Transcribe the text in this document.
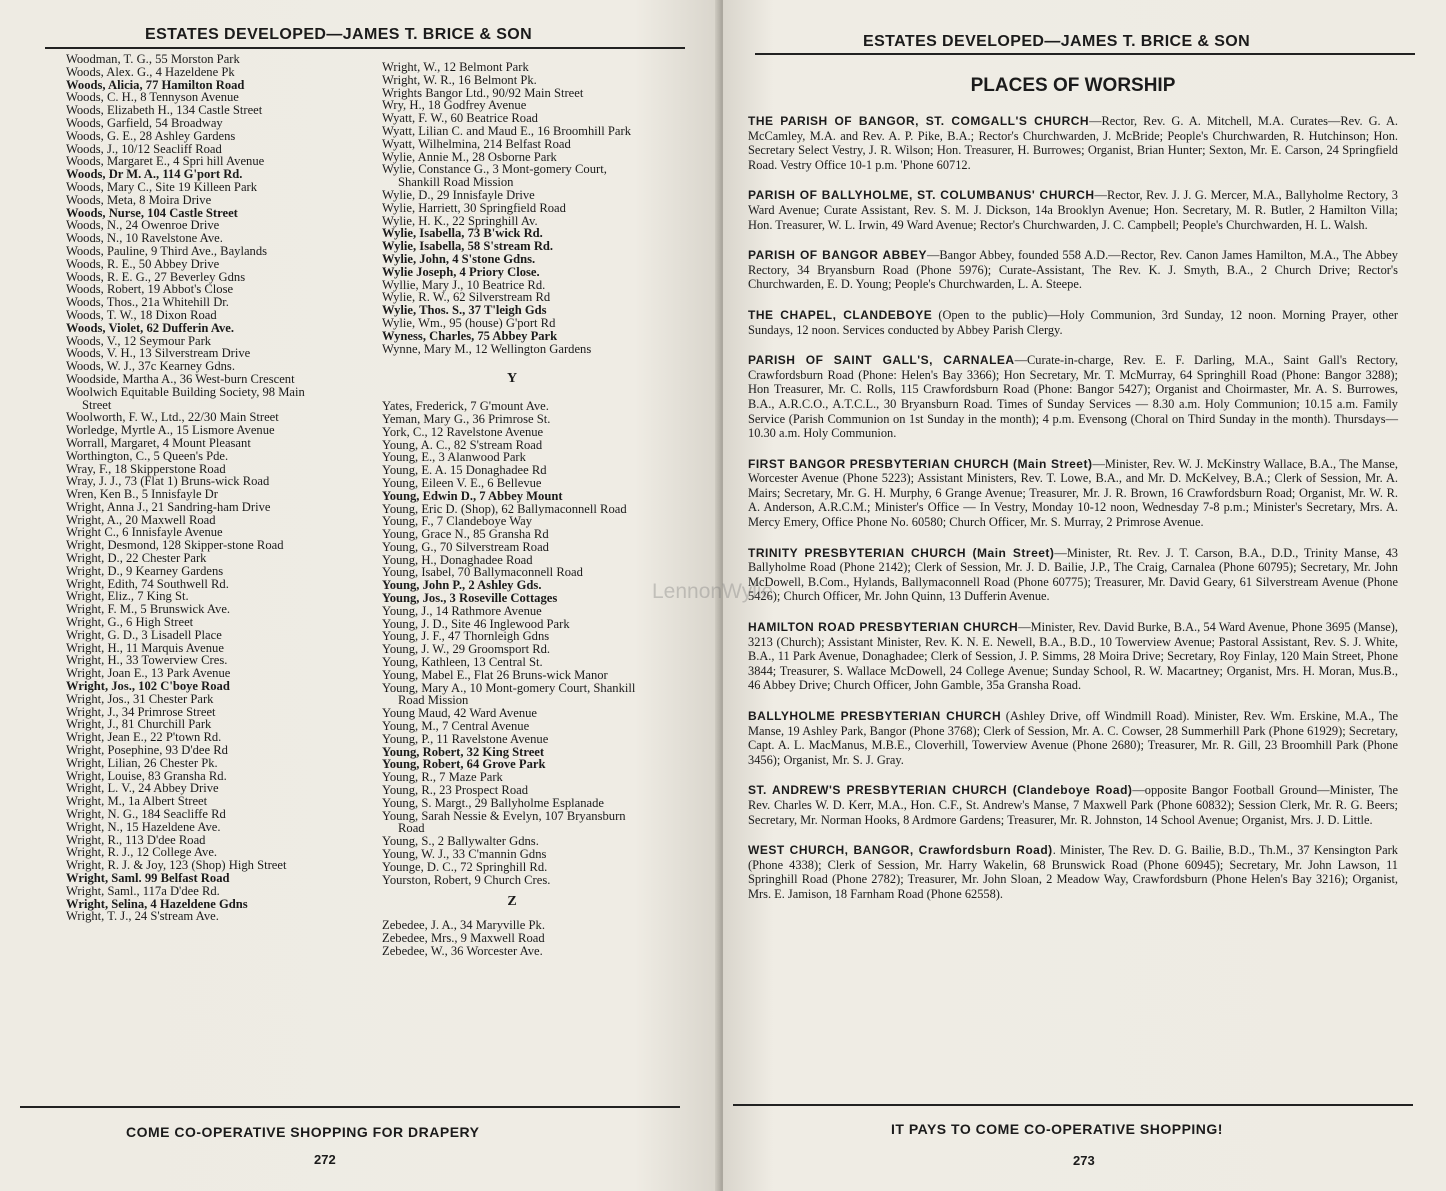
ESTATES DEVELOPED—JAMES T. BRICE & SON
Woodman, T. G., 55 Morston Park
Woods, Alex. G., 4 Hazeldene Pk
Woods, Alicia, 77 Hamilton Road
Woods, C. H., 8 Tennyson Avenue
Woods, Elizabeth H., 134 Castle Street
Woods, Garfield, 54 Broadway
Woods, G. E., 28 Ashley Gardens
Woods, J., 10/12 Seacliff Road
Woods, Margaret E., 4 Spri hill Avenue
Woods, Dr M. A., 114 G'port Rd.
Woods, Mary C., Site 19 Killeen Park
Woods, Meta, 8 Moira Drive
Woods, Nurse, 104 Castle Street
Woods, N., 24 Owenroe Drive
Woods, N., 10 Ravelstone Ave.
Woods, Pauline, 9 Third Ave., Baylands
Woods, R. E., 50 Abbey Drive
Woods, R. E. G., 27 Beverley Gdns
Woods, Robert, 19 Abbot's Close
Woods, Thos., 21a Whitehill Dr.
Woods, T. W., 18 Dixon Road
Woods, Violet, 62 Dufferin Ave.
Woods, V., 12 Seymour Park
Woods, V. H., 13 Silverstream Drive
Woods, W. J., 37c Kearney Gdns.
Woodside, Martha A., 36 West-burn Crescent
Woolwich Equitable Building Society, 98 Main Street
Woolworth, F. W., Ltd., 22/30 Main Street
Worledge, Myrtle A., 15 Lismore Avenue
Worrall, Margaret, 4 Mount Pleasant
Worthington, C., 5 Queen's Pde.
Wray, F., 18 Skipperstone Road
Wray, J. J., 73 (Flat 1) Bruns-wick Road
Wren, Ken B., 5 Innisfayle Dr
Wright, Anna J., 21 Sandring-ham Drive
Wright, A., 20 Maxwell Road
Wright C., 6 Innisfayle Avenue
Wright, Desmond, 128 Skipper-stone Road
Wright, D., 22 Chester Park
Wright, D., 9 Kearney Gardens
Wright, Edith, 74 Southwell Rd.
Wright, Eliz., 7 King St.
Wright, F. M., 5 Brunswick Ave.
Wright, G., 6 High Street
Wright, G. D., 3 Lisadell Place
Wright, H., 11 Marquis Avenue
Wright, H., 33 Towerview Cres.
Wright, Joan E., 13 Park Avenue
Wright, Jos., 102 C'boye Road
Wright, Jos., 31 Chester Park
Wright, J., 34 Primrose Street
Wright, J., 81 Churchill Park
Wright, Jean E., 22 P'town Rd.
Wright, Posephine, 93 D'dee Rd
Wright, Lilian, 26 Chester Pk.
Wright, Louise, 83 Gransha Rd.
Wright, L. V., 24 Abbey Drive
Wright, M., 1a Albert Street
Wright, N. G., 184 Seacliffe Rd
Wright, N., 15 Hazeldene Ave.
Wright, R., 113 D'dee Road
Wright, R. J., 12 College Ave.
Wright, R. J. & Joy, 123 (Shop) High Street
Wright, Saml. 99 Belfast Road
Wright, Saml., 117a D'dee Rd.
Wright, Selina, 4 Hazeldene Gdns
Wright, T. J., 24 S'stream Ave.
Wright, W., 12 Belmont Park
Wright, W. R., 16 Belmont Pk.
Wrights Bangor Ltd., 90/92 Main Street
Wry, H., 18 Godfrey Avenue
Wyatt, F. W., 60 Beatrice Road
Wyatt, Lilian C. and Maud E., 16 Broomhill Park
Wyatt, Wilhelmina, 214 Belfast Road
Wylie, Annie M., 28 Osborne Park
Wylie, Constance G., 3 Mont-gomery Court, Shankill Road Mission
Wylie, D., 29 Innisfayle Drive
Wylie, Harriett, 30 Springfield Road
Wylie, H. K., 22 Springhill Av.
Wylie, Isabella, 73 B'wick Rd.
Wylie, Isabella, 58 S'stream Rd.
Wylie, John, 4 S'stone Gdns.
Wylie Joseph, 4 Priory Close.
Wyllie, Mary J., 10 Beatrice Rd.
Wylie, R. W., 62 Silverstream Rd
Wylie, Thos. S., 37 T'leigh Gds
Wylie, Wm., 95 (house) G'port Rd
Wyness, Charles, 75 Abbey Park
Wynne, Mary M., 12 Wellington Gardens
Y
Yates, Frederick, 7 G'mount Ave.
Yeman, Mary G., 36 Primrose St.
York, C., 12 Ravelstone Avenue
Young, A. C., 82 S'stream Road
Young, E., 3 Alanwood Park
Young, E. A. 15 Donaghadee Rd
Young, Eileen V. E., 6 Bellevue
Young, Edwin D., 7 Abbey Mount
Young, Eric D. (Shop), 62 Ballymaconnell Road
Young, F., 7 Clandeboye Way
Young, Grace N., 85 Gransha Rd
Young, G., 70 Silverstream Road
Young, H., Donaghadee Road
Young, Isabel, 70 Ballymaconnell Road
Young, John P., 2 Ashley Gds.
Young, Jos., 3 Roseville Cottages
Young, J., 14 Rathmore Avenue
Young, J. D., Site 46 Inglewood Park
Young, J. F., 47 Thornleigh Gdns
Young, J. W., 29 Groomsport Rd.
Young, Kathleen, 13 Central St.
Young, Mabel E., Flat 26 Bruns-wick Manor
Young, Mary A., 10 Mont-gomery Court, Shankill Road Mission
Young Maud, 42 Ward Avenue
Young, M., 7 Central Avenue
Young, P., 11 Ravelstone Avenue
Young, Robert, 32 King Street
Young, Robert, 64 Grove Park
Young, R., 7 Maze Park
Young, R., 23 Prospect Road
Young, S. Margt., 29 Ballyholme Esplanade
Young, Sarah Nessie & Evelyn, 107 Bryansburn Road
Young, S., 2 Ballywalter Gdns.
Young, W. J., 33 C'mannin Gdns
Younge, D. C., 72 Springhill Rd.
Yourston, Robert, 9 Church Cres.
Z
Zebedee, J. A., 34 Maryville Pk.
Zebedee, Mrs., 9 Maxwell Road
Zebedee, W., 36 Worcester Ave.
COME CO-OPERATIVE SHOPPING FOR DRAPERY
272
ESTATES DEVELOPED—JAMES T. BRICE & SON
IT PAYS TO COME CO-OPERATIVE SHOPPING!
273
PLACES OF WORSHIP
THE PARISH OF BANGOR, ST. COMGALL'S CHURCH—Rector, Rev. G. A. Mitchell, M.A. Curates—Rev. G. A. McCamley, M.A. and Rev. A. P. Pike, B.A.; Rector's Churchwarden, J. McBride; People's Churchwarden, R. Hutchinson; Hon. Secretary Select Vestry, J. R. Wilson; Hon. Treasurer, H. Burrowes; Organist, Brian Hunter; Sexton, Mr. E. Carson, 24 Springfield Road. Vestry Office 10-1 p.m. 'Phone 60712.
PARISH OF BALLYHOLME, ST. COLUMBANUS' CHURCH—Rector, Rev. J. J. G. Mercer, M.A., Ballyholme Rectory, 3 Ward Avenue; Curate Assistant, Rev. S. M. J. Dickson, 14a Brooklyn Avenue; Hon. Secretary, M. R. Butler, 2 Hamilton Villa; Hon. Treasurer, W. L. Irwin, 49 Ward Avenue; Rector's Churchwarden, J. C. Campbell; People's Churchwarden, H. L. Walsh.
PARISH OF BANGOR ABBEY—Bangor Abbey, founded 558 A.D.—Rector, Rev. Canon James Hamilton, M.A., The Abbey Rectory, 34 Bryansburn Road (Phone 5976); Curate-Assistant, The Rev. K. J. Smyth, B.A., 2 Church Drive; Rector's Churchwarden, E. D. Young; People's Churchwarden, L. A. Steepe.
THE CHAPEL, CLANDEBOYE (Open to the public)—Holy Communion, 3rd Sunday, 12 noon. Morning Prayer, other Sundays, 12 noon. Services conducted by Abbey Parish Clergy.
PARISH OF SAINT GALL'S, CARNALEA—Curate-in-charge, Rev. E. F. Darling, M.A., Saint Gall's Rectory, Crawfordsburn Road (Phone: Helen's Bay 3366); Hon Secretary, Mr. T. McMurray, 64 Springhill Road (Phone: Bangor 3288); Hon Treasurer, Mr. C. Rolls, 115 Crawfordsburn Road (Phone: Bangor 5427); Organist and Choirmaster, Mr. A. S. Burrowes, B.A., A.R.C.O., A.T.C.L., 30 Bryansburn Road. Times of Sunday Services — 8.30 a.m. Holy Communion; 10.15 a.m. Family Service (Parish Communion on 1st Sunday in the month); 4 p.m. Evensong (Choral on Third Sunday in the month). Thursdays—10.30 a.m. Holy Communion.
FIRST BANGOR PRESBYTERIAN CHURCH (Main Street)—Minister, Rev. W. J. McKinstry Wallace, B.A., The Manse, Worcester Avenue (Phone 5223); Assistant Ministers, Rev. T. Lowe, B.A., and Mr. D. McKelvey, B.A.; Clerk of Session, Mr. A. Mairs; Secretary, Mr. G. H. Murphy, 6 Grange Avenue; Treasurer, Mr. J. R. Brown, 16 Crawfordsburn Road; Organist, Mr. W. R. A. Anderson, A.R.C.M.; Minister's Office — In Vestry, Monday 10-12 noon, Wednesday 7-8 p.m.; Minister's Secretary, Mrs. A. Mercy Emery, Office Phone No. 60580; Church Officer, Mr. S. Murray, 2 Primrose Avenue.
TRINITY PRESBYTERIAN CHURCH (Main Street)—Minister, Rt. Rev. J. T. Carson, B.A., D.D., Trinity Manse, 43 Ballyholme Road (Phone 2142); Clerk of Session, Mr. J. D. Bailie, J.P., The Craig, Carnalea (Phone 60795); Secretary, Mr. John McDowell, B.Com., Hylands, Ballymaconnell Road (Phone 60775); Treasurer, Mr. David Geary, 61 Silverstream Avenue (Phone 5426); Church Officer, Mr. John Quinn, 13 Dufferin Avenue.
HAMILTON ROAD PRESBYTERIAN CHURCH—Minister, Rev. David Burke, B.A., 54 Ward Avenue, Phone 3695 (Manse), 3213 (Church); Assistant Minister, Rev. K. N. E. Newell, B.A., B.D., 10 Towerview Avenue; Pastoral Assistant, Rev. S. J. White, B.A., 11 Park Avenue, Donaghadee; Clerk of Session, J. P. Simms, 28 Moira Drive; Secretary, Roy Finlay, 120 Main Street, Phone 3844; Treasurer, S. Wallace McDowell, 24 College Avenue; Sunday School, R. W. Macartney; Organist, Mrs. H. Moran, Mus.B., 46 Abbey Drive; Church Officer, John Gamble, 35a Gransha Road.
BALLYHOLME PRESBYTERIAN CHURCH (Ashley Drive, off Windmill Road). Minister, Rev. Wm. Erskine, M.A., The Manse, 19 Ashley Park, Bangor (Phone 3768); Clerk of Session, Mr. A. C. Cowser, 28 Summerhill Park (Phone 61929); Secretary, Capt. A. L. MacManus, M.B.E., Cloverhill, Towerview Avenue (Phone 2680); Treasurer, Mr. R. Gill, 23 Broomhill Park (Phone 3456); Organist, Mr. S. J. Gray.
ST. ANDREW'S PRESBYTERIAN CHURCH (Clandeboye Road)—opposite Bangor Football Ground—Minister, The Rev. Charles W. D. Kerr, M.A., Hon. C.F., St. Andrew's Manse, 7 Maxwell Park (Phone 60832); Session Clerk, Mr. R. G. Beers; Secretary, Mr. Norman Hooks, 8 Ardmore Gardens; Treasurer, Mr. R. Johnston, 14 School Avenue; Organist, Mrs. J. D. Little.
WEST CHURCH, BANGOR, Crawfordsburn Road). Minister, The Rev. D. G. Bailie, B.D., Th.M., 37 Kensington Park (Phone 4338); Clerk of Session, Mr. Harry Wakelin, 68 Brunswick Road (Phone 60945); Secretary, Mr. John Lawson, 11 Springhill Road (Phone 2782); Treasurer, Mr. John Sloan, 2 Meadow Way, Crawfordsburn (Phone Helen's Bay 3216); Organist, Mrs. E. Jamison, 18 Farnham Road (Phone 62558).
LennonWylie
